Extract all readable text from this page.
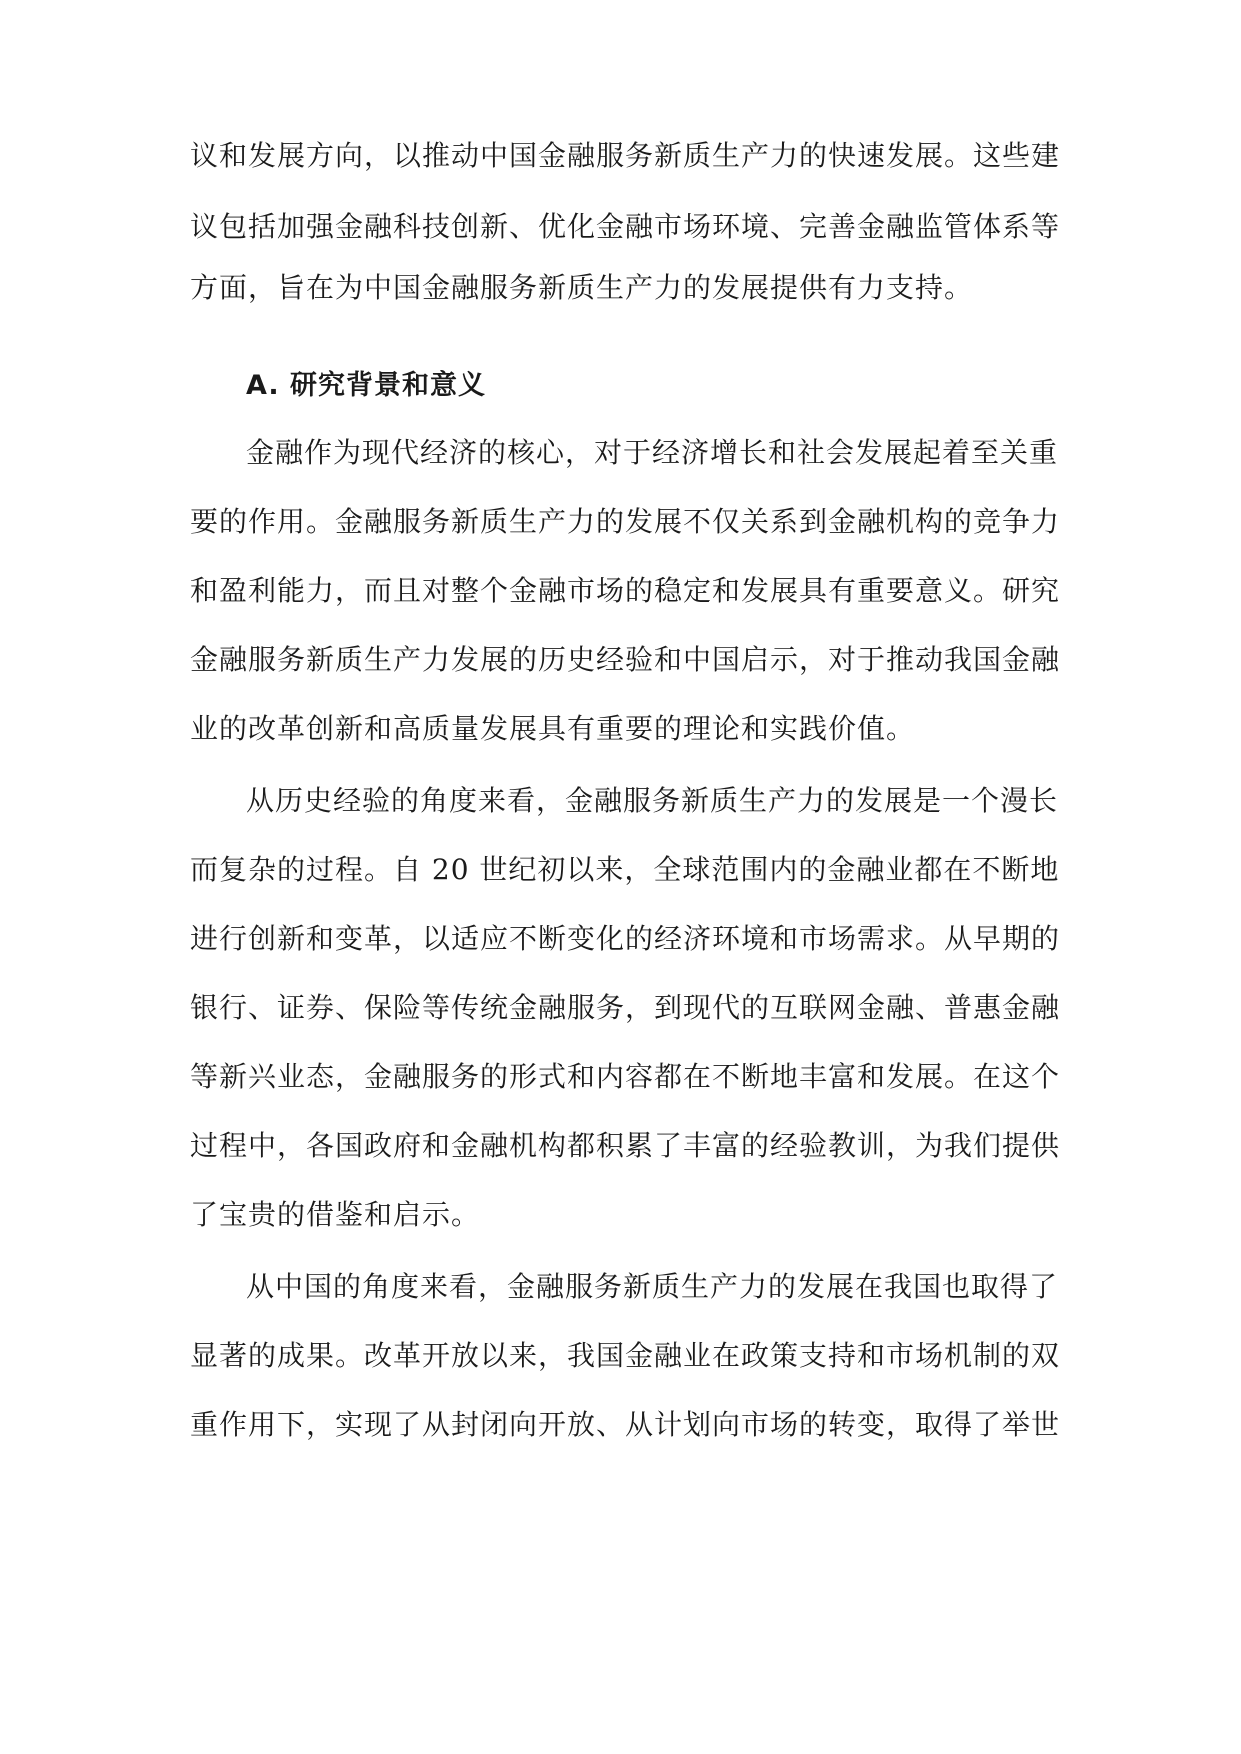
议和发展方向，以推动中国金融服务新质生产力的快速发展。这些建
议包括加强金融科技创新、优化金融市场环境、完善金融监管体系等
方面，旨在为中国金融服务新质生产力的发展提供有力支持。
A. 研究背景和意义
金融作为现代经济的核心，对于经济增长和社会发展起着至关重
要的作用。金融服务新质生产力的发展不仅关系到金融机构的竞争力
和盈利能力，而且对整个金融市场的稳定和发展具有重要意义。研究
金融服务新质生产力发展的历史经验和中国启示，对于推动我国金融
业的改革创新和高质量发展具有重要的理论和实践价值。
从历史经验的角度来看，金融服务新质生产力的发展是一个漫长
而复杂的过程。自 20 世纪初以来，全球范围内的金融业都在不断地
进行创新和变革，以适应不断变化的经济环境和市场需求。从早期的
银行、证券、保险等传统金融服务，到现代的互联网金融、普惠金融
等新兴业态，金融服务的形式和内容都在不断地丰富和发展。在这个
过程中，各国政府和金融机构都积累了丰富的经验教训，为我们提供
了宝贵的借鉴和启示。
从中国的角度来看，金融服务新质生产力的发展在我国也取得了
显著的成果。改革开放以来，我国金融业在政策支持和市场机制的双
重作用下，实现了从封闭向开放、从计划向市场的转变，取得了举世
